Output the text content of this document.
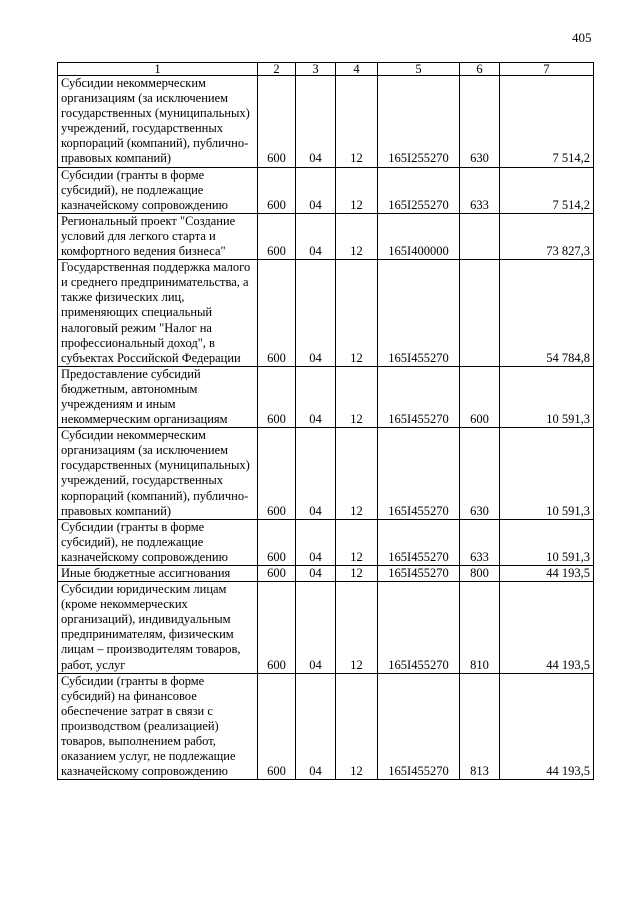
405
1	2	3	4	5	6	7
Субсидии некоммерческим организациям (за исключением государственных (муниципальных) учреждений, государственных корпораций (компаний), публично-правовых компаний)	600	04	12	165I255270	630	7 514,2
Субсидии (гранты в форме субсидий), не подлежащие казначейскому сопровождению	600	04	12	165I255270	633	7 514,2
Региональный проект "Создание условий для легкого старта и комфортного ведения бизнеса"	600	04	12	165I400000		73 827,3
Государственная поддержка малого и среднего предпринимательства, а также физических лиц, применяющих специальный налоговый режим "Налог на профессиональный доход", в субъектах Российской Федерации	600	04	12	165I455270		54 784,8
Предоставление субсидий бюджетным, автономным учреждениям и иным некоммерческим организациям	600	04	12	165I455270	600	10 591,3
Субсидии некоммерческим организациям (за исключением государственных (муниципальных) учреждений, государственных корпораций (компаний), публично-правовых компаний)	600	04	12	165I455270	630	10 591,3
Субсидии (гранты в форме субсидий), не подлежащие казначейскому сопровождению	600	04	12	165I455270	633	10 591,3
Иные бюджетные ассигнования	600	04	12	165I455270	800	44 193,5
Субсидии юридическим лицам (кроме некоммерческих организаций), индивидуальным предпринимателям, физическим лицам – производителям товаров, работ, услуг	600	04	12	165I455270	810	44 193,5
Субсидии (гранты в форме субсидий) на финансовое обеспечение затрат в связи с производством (реализацией) товаров, выполнением работ, оказанием услуг, не подлежащие казначейскому сопровождению	600	04	12	165I455270	813	44 193,5
